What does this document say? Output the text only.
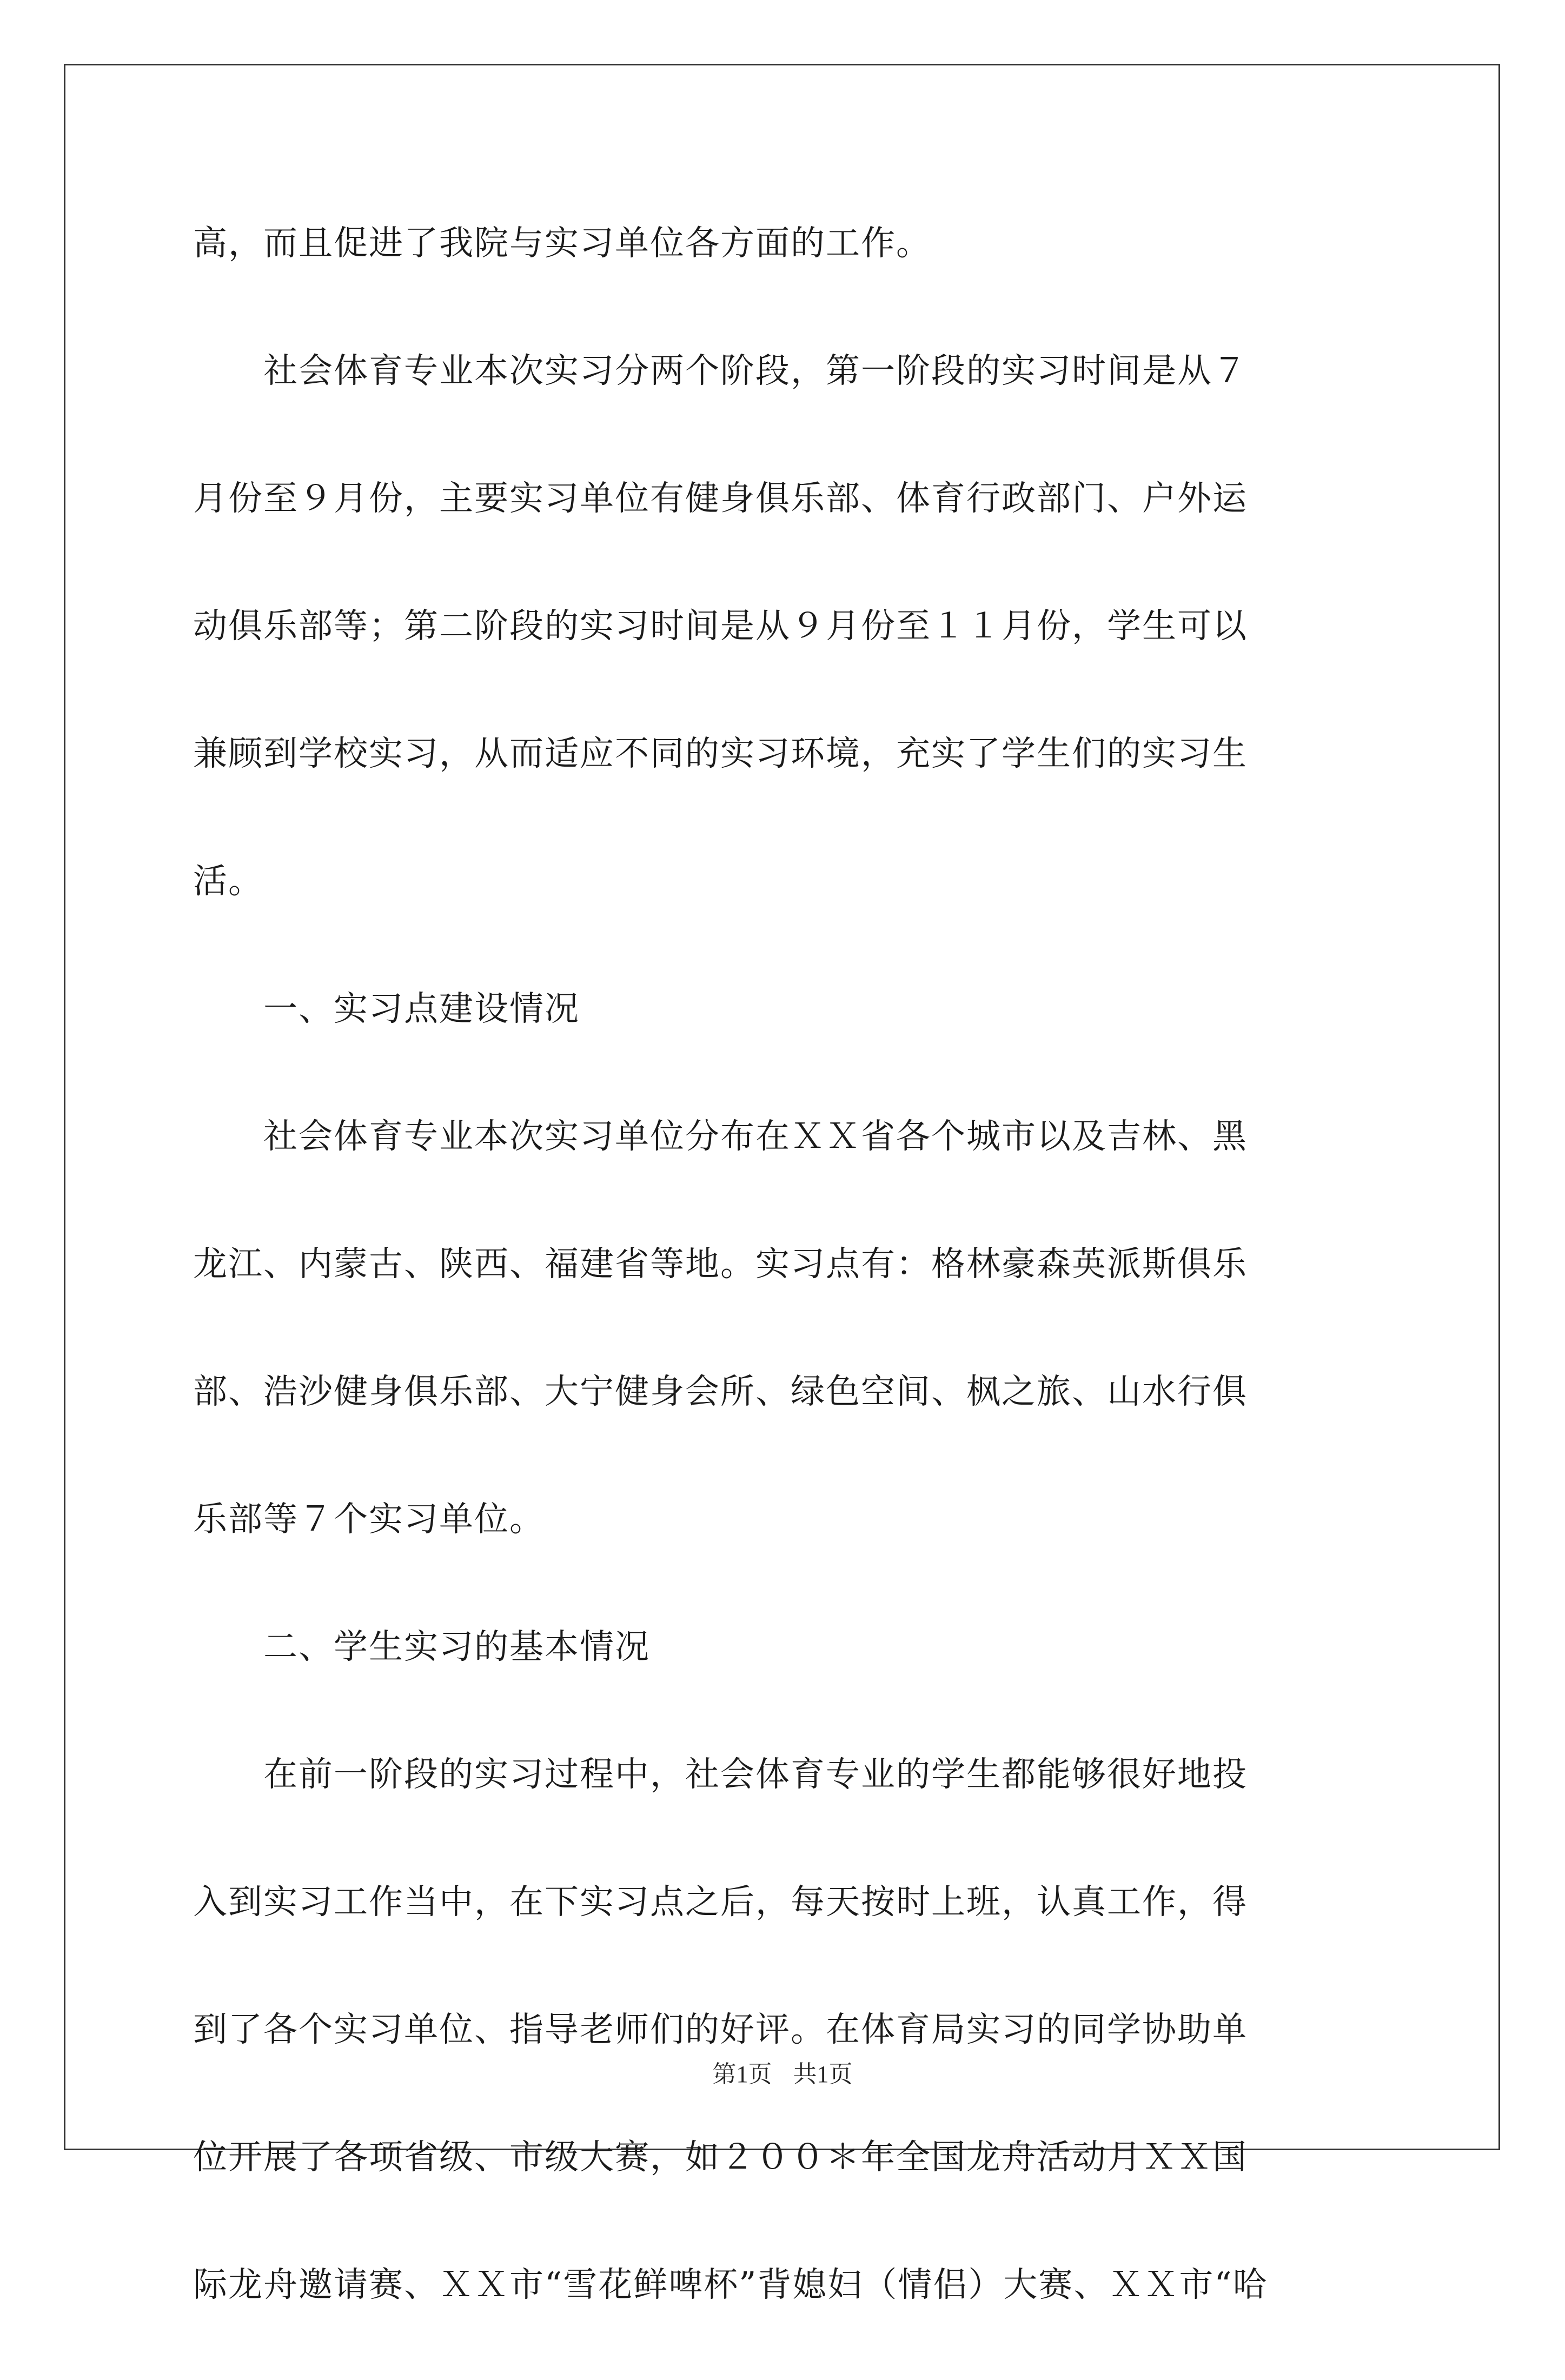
高，而且促进了我院与实习单位各方面的工作。
　　社会体育专业本次实习分两个阶段，第一阶段的实习时间是从７
月份至９月份，主要实习单位有健身俱乐部、体育行政部门、户外运
动俱乐部等；第二阶段的实习时间是从９月份至１１月份，学生可以
兼顾到学校实习，从而适应不同的实习环境，充实了学生们的实习生
活。
　　一、实习点建设情况
　　社会体育专业本次实习单位分布在ＸＸ省各个城市以及吉林、黑
龙江、内蒙古、陕西、福建省等地。实习点有：格林豪森英派斯俱乐
部、浩沙健身俱乐部、大宁健身会所、绿色空间、枫之旅、山水行俱
乐部等７个实习单位。
　　二、学生实习的基本情况
　　在前一阶段的实习过程中，社会体育专业的学生都能够很好地投
入到实习工作当中，在下实习点之后，每天按时上班，认真工作，得
到了各个实习单位、指导老师们的好评。在体育局实习的同学协助单
位开展了各项省级、市级大赛，如２００＊年全国龙舟活动月ＸＸ国
际龙舟邀请赛、ＸＸ市“雪花鲜啤杯”背媳妇（情侣）大赛、ＸＸ市“哈
第1页 共1页
